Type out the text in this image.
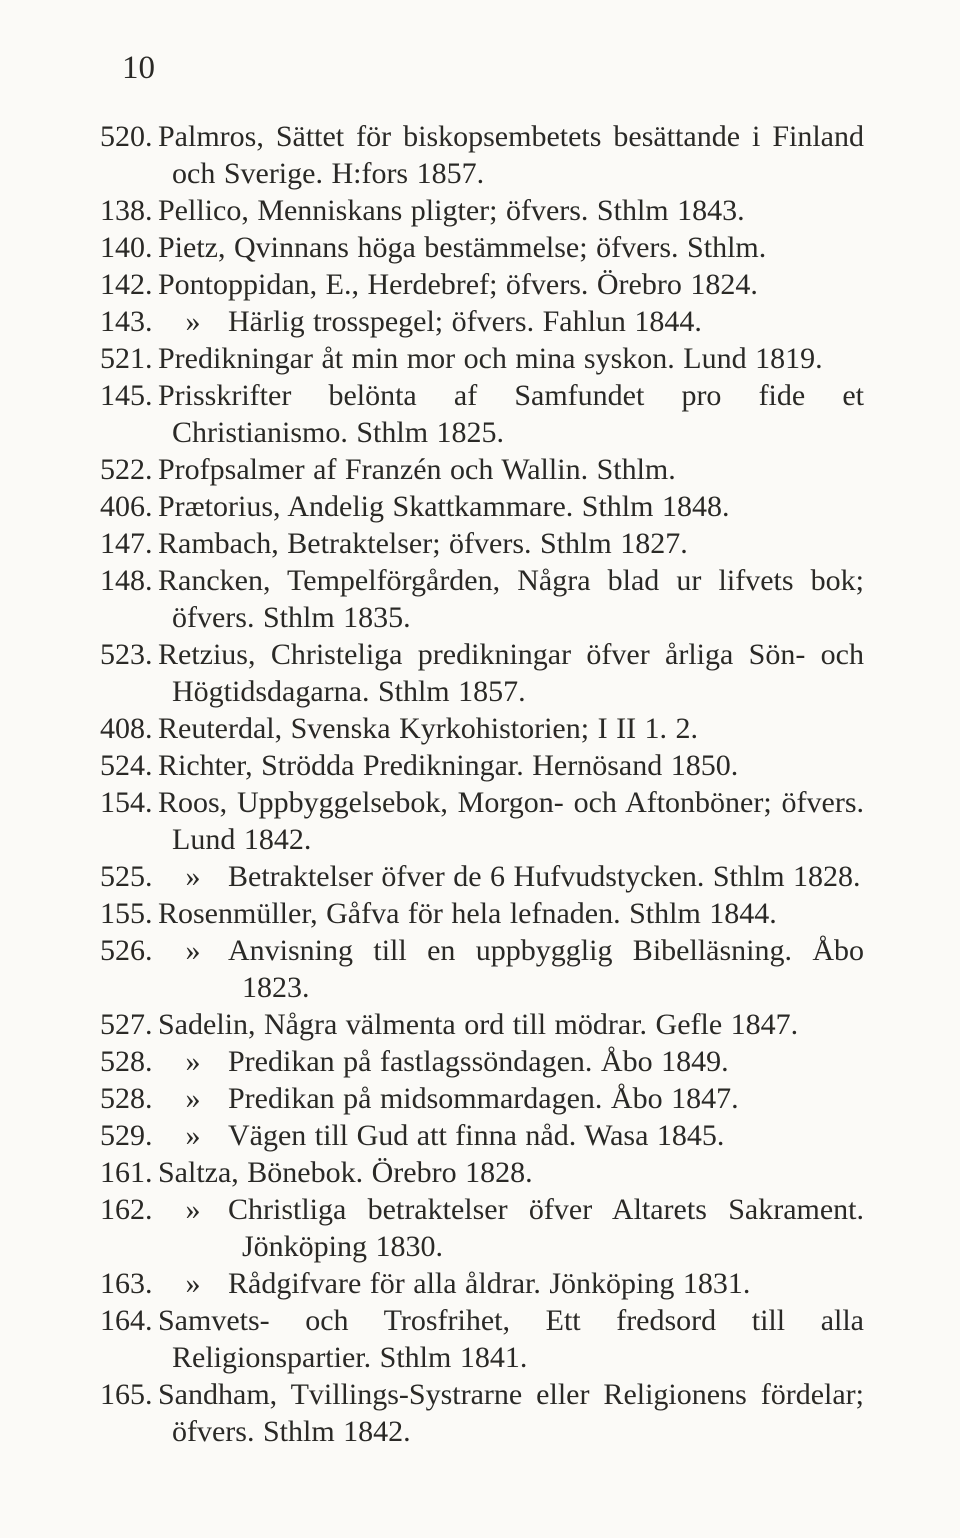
10
520. Palmros, Sättet för biskopsembetets besättande i Finland och Sverige. H:fors 1857.
138. Pellico, Menniskans pligter; öfvers. Sthlm 1843.
140. Pietz, Qvinnans höga bestämmelse; öfvers. Sthlm.
142. Pontoppidan, E., Herdebref; öfvers. Örebro 1824.
143.	» Härlig trosspegel; öfvers. Fahlun 1844.
521. Predikningar åt min mor och mina syskon. Lund 1819.
145. Prisskrifter belönta af Samfundet pro fide et Christianismo. Sthlm 1825.
522. Profpsalmer af Franzén och Wallin. Sthlm.
406. Prætorius, Andelig Skattkammare. Sthlm 1848.
147. Rambach, Betraktelser; öfvers. Sthlm 1827.
148. Rancken, Tempelförgården, Några blad ur lifvets bok; öfvers. Sthlm 1835.
523. Retzius, Christeliga predikningar öfver årliga Sön- och Högtidsdagarna. Sthlm 1857.
408. Reuterdal, Svenska Kyrkohistorien; I II 1. 2.
524. Richter, Strödda Predikningar. Hernösand 1850.
154. Roos, Uppbyggelsebok, Morgon- och Aftonböner; öfvers. Lund 1842.
525.	» Betraktelser öfver de 6 Hufvudstycken. Sthlm 1828.
155. Rosenmüller, Gåfva för hela lefnaden. Sthlm 1844.
526.	» Anvisning till en uppbygglig Bibelläsning. Åbo 1823.
527. Sadelin, Några välmenta ord till mödrar. Gefle 1847.
528.	» Predikan på fastlagssöndagen. Åbo 1849.
528.	» Predikan på midsommardagen. Åbo 1847.
529.	» Vägen till Gud att finna nåd. Wasa 1845.
161. Saltza, Bönebok. Örebro 1828.
162.	» Christliga betraktelser öfver Altarets Sakrament. Jönköping 1830.
163.	» Rådgifvare för alla åldrar. Jönköping 1831.
164. Samvets- och Trosfrihet, Ett fredsord till alla Religionspartier. Sthlm 1841.
165. Sandham, Tvillings-Systrarne eller Religionens fördelar; öfvers. Sthlm 1842.
